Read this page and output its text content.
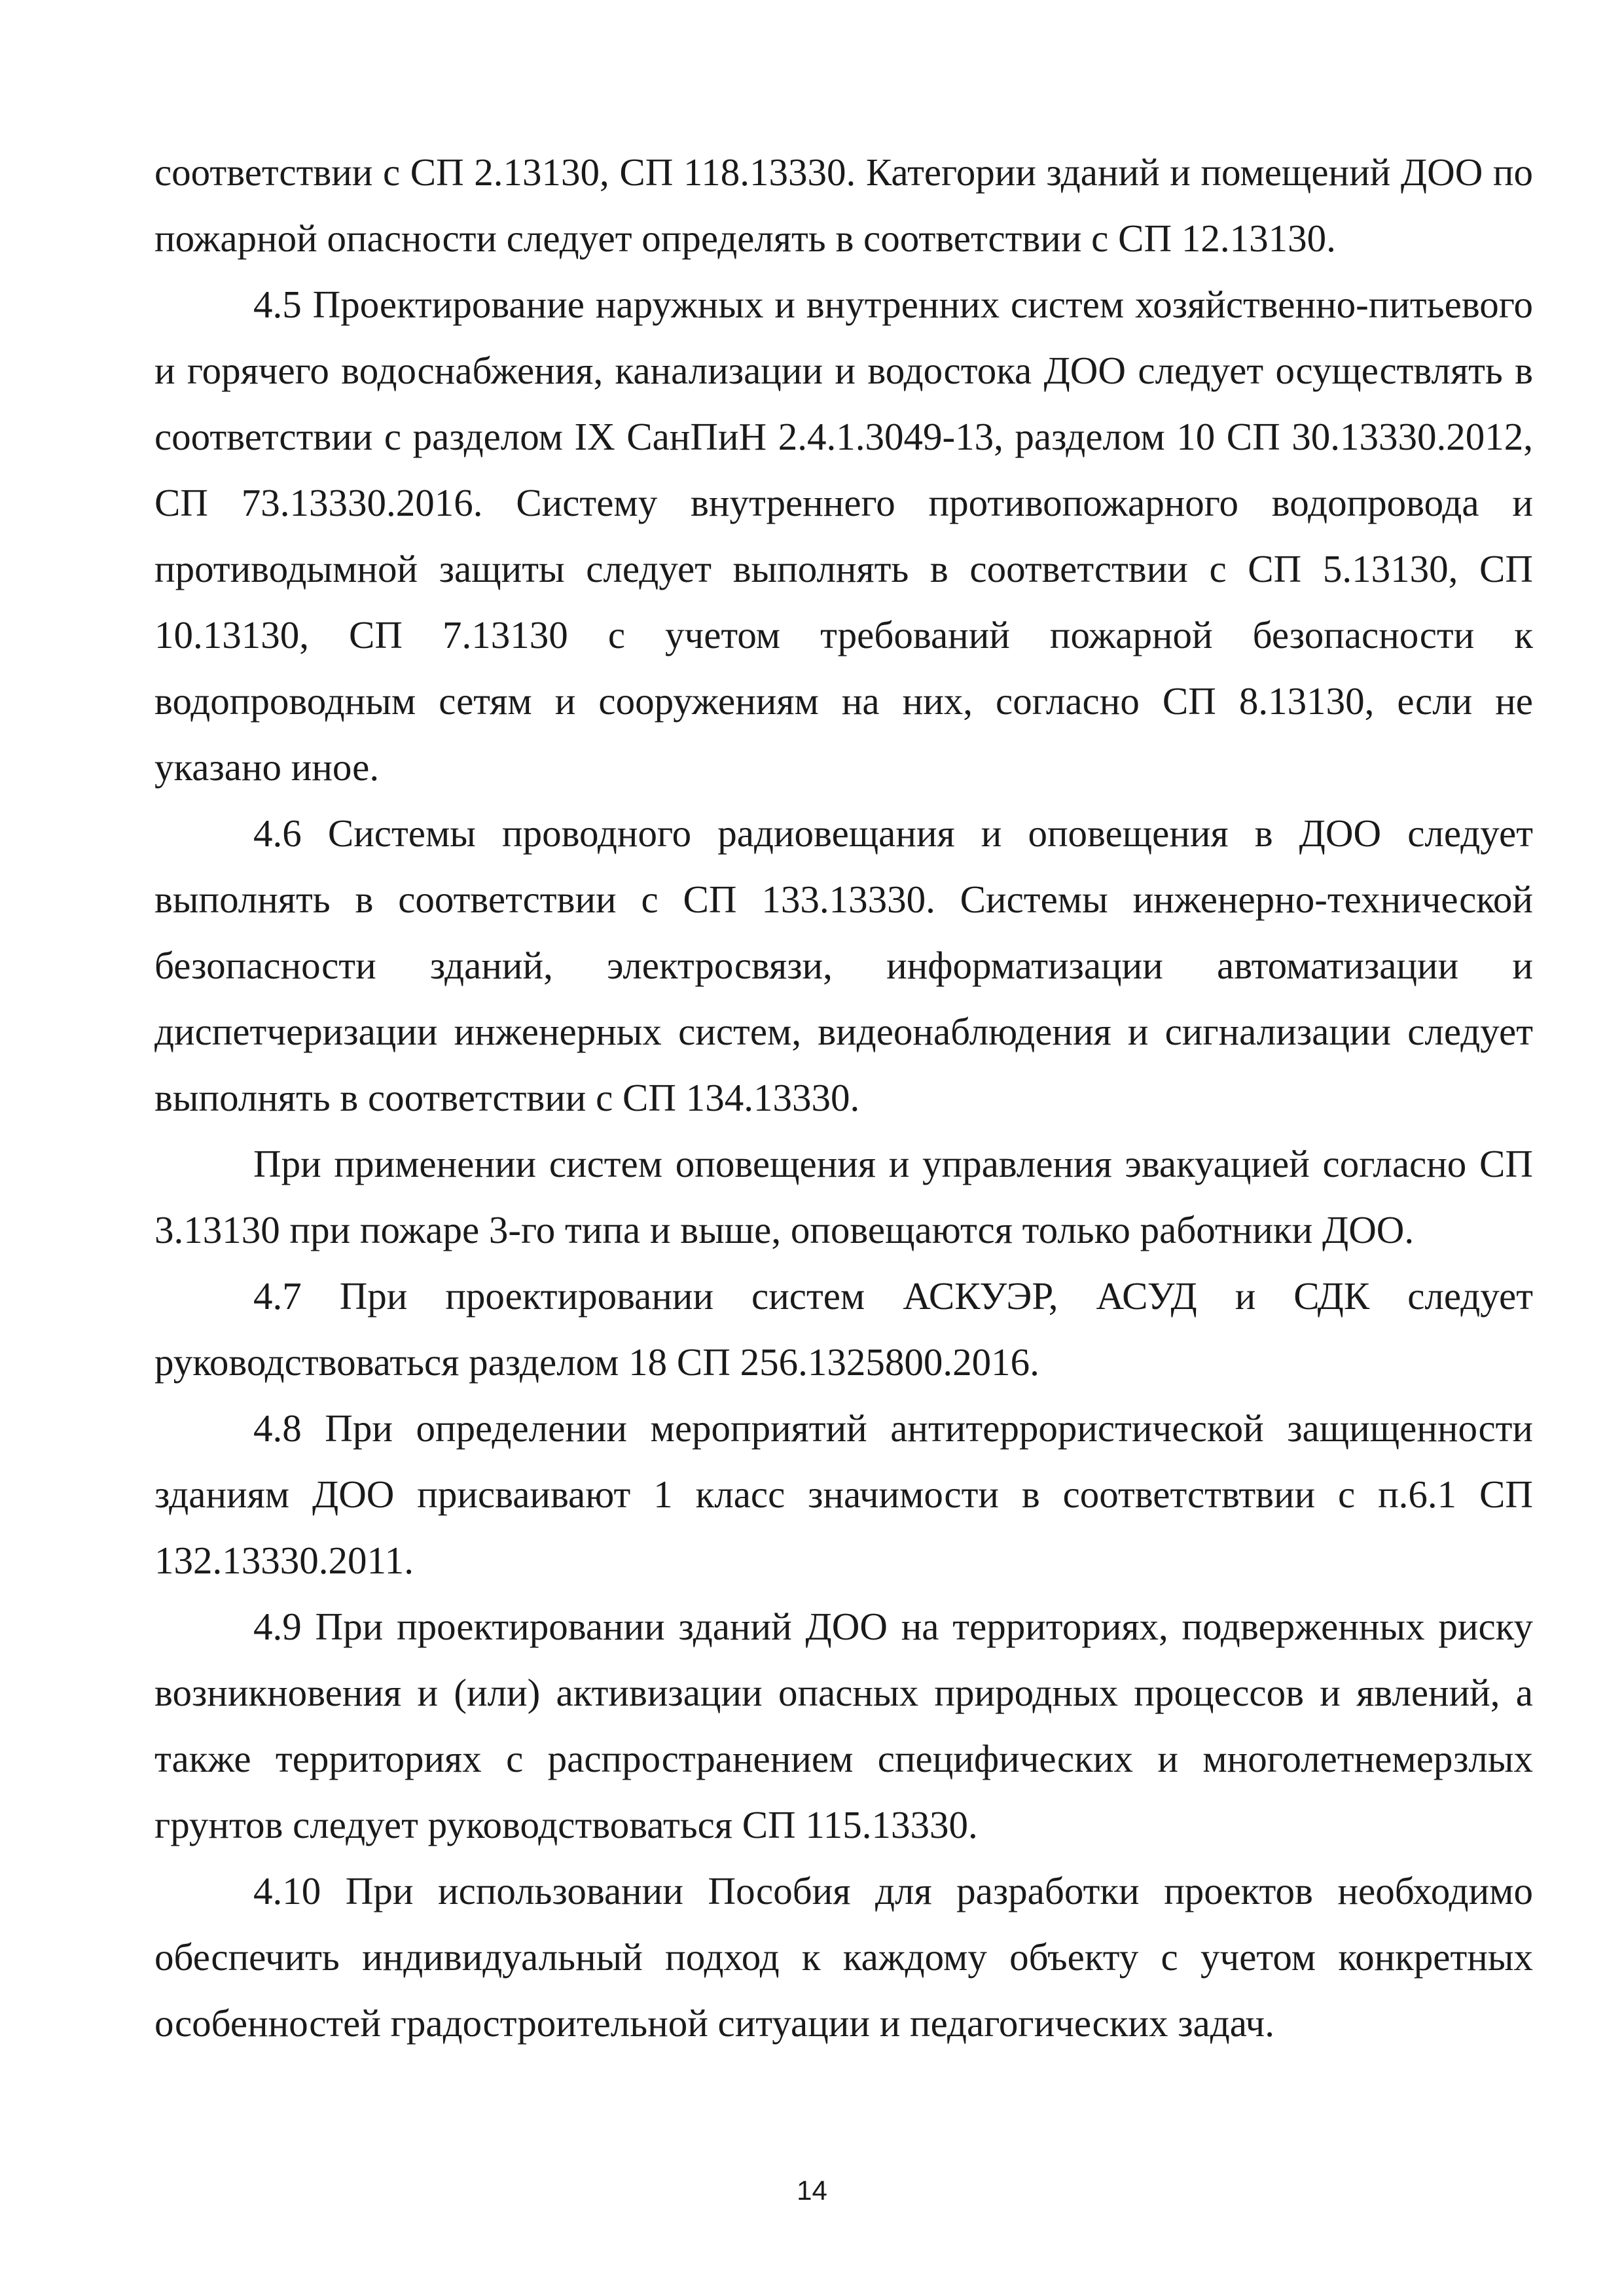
соответствии с СП 2.13130, СП 118.13330. Категории зданий и помещений ДОО по пожарной опасности следует определять в соответствии с СП 12.13130.

4.5 Проектирование наружных и внутренних систем хозяйственно-питьевого и горячего водоснабжения, канализации и водостока ДОО следует осуществлять в соответствии с разделом IX СанПиН 2.4.1.3049-13, разделом 10 СП 30.13330.2012, СП 73.13330.2016. Систему внутреннего противопожарного водопровода и противодымной защиты следует выполнять в соответствии с СП 5.13130, СП 10.13130, СП 7.13130 с учетом требований пожарной безопасности к водопроводным сетям и сооружениям на них, согласно СП 8.13130, если не указано иное.

4.6 Системы проводного радиовещания и оповещения в ДОО следует выполнять в соответствии с СП 133.13330. Системы инженерно-технической безопасности зданий, электросвязи, информатизации автоматизации и диспетчеризации инженерных систем, видеонаблюдения и сигнализации следует выполнять в соответствии с СП 134.13330.

При применении систем оповещения и управления эвакуацией согласно СП 3.13130 при пожаре 3-го типа и выше, оповещаются только работники ДОО.

4.7 При проектировании систем АСКУЭР, АСУД и СДК следует руководствоваться разделом 18 СП 256.1325800.2016.

4.8 При определении мероприятий антитеррористической защищенности зданиям ДОО присваивают 1 класс значимости в соответствтвии с п.6.1 СП 132.13330.2011.

4.9 При проектировании зданий ДОО на территориях, подверженных риску возникновения и (или) активизации опасных природных процессов и явлений, а также территориях с распространением специфических и многолетнемерзлых грунтов следует руководствоваться СП 115.13330.

4.10 При использовании Пособия для разработки проектов необходимо обеспечить индивидуальный подход к каждому объекту с учетом конкретных особенностей градостроительной ситуации и педагогических задач.

14
